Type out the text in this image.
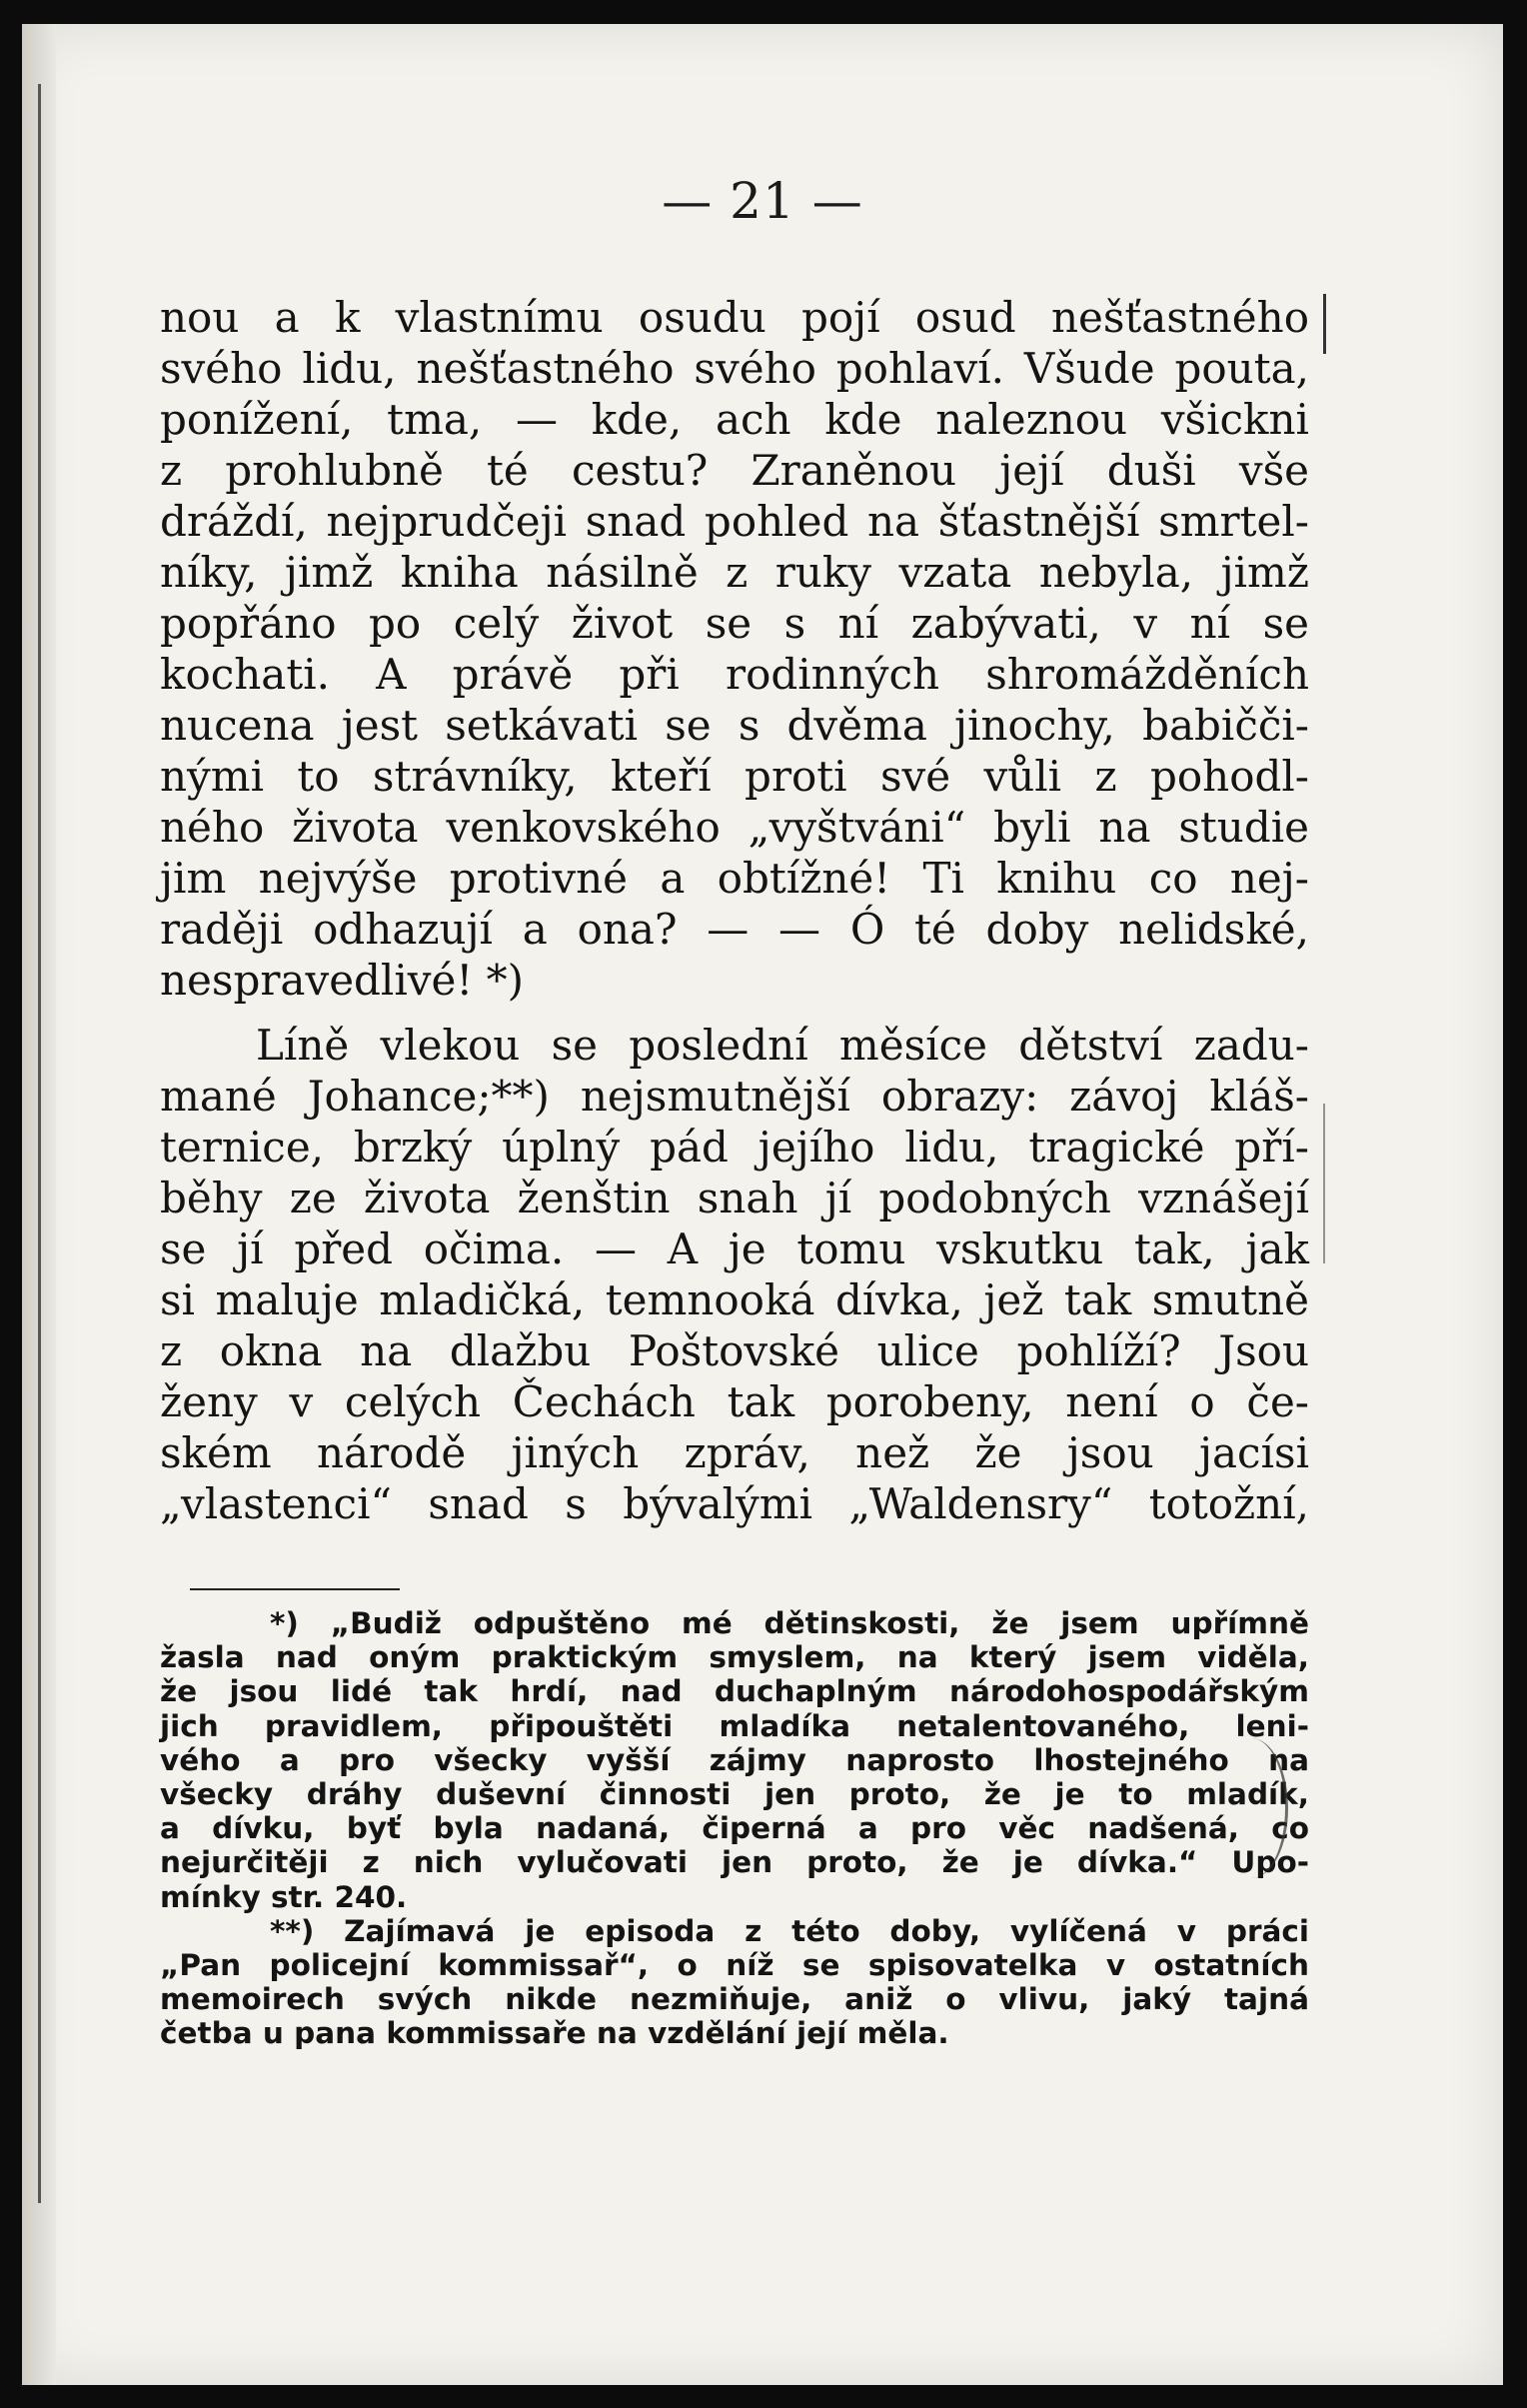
— 21 —

nou a k vlastnímu osudu pojí osud nešťastného
svého lidu, nešťastného svého pohlaví. Všude pouta,
ponížení, tma, — kde, ach kde naleznou všickni
z prohlubně té cestu? Zraněnou její duši vše
dráždí, nejprudčeji snad pohled na šťastnější smrtel-
níky, jimž kniha násilně z ruky vzata nebyla, jimž
popřáno po celý život se s ní zabývati, v ní se
kochati. A právě při rodinných shromážděních
nucena jest setkávati se s dvěma jinochy, babičči-
nými to strávníky, kteří proti své vůli z pohodl-
ného života venkovského „vyštváni“ byli na studie
jim nejvýše protivné a obtížné! Ti knihu co nej-
raději odhazují a ona? — — Ó té doby nelidské,
nespravedlivé! *)

Líně vlekou se poslední měsíce dětství zadu-
mané Johance;**) nejsmutnější obrazy: závoj kláš-
ternice, brzký úplný pád jejího lidu, tragické pří-
běhy ze života ženštin snah jí podobných vznášejí
se jí před očima. — A je tomu vskutku tak, jak
si maluje mladičká, temnooká dívka, jež tak smutně
z okna na dlažbu Poštovské ulice pohlíží? Jsou
ženy v celých Čechách tak porobeny, není o če-
ském národě jiných zpráv, než že jsou jacísi
„vlastenci“ snad s bývalými „Waldensry“ totožní,

*) „Budiž odpuštěno mé dětinskosti, že jsem upřímně
žasla nad oným praktickým smyslem, na který jsem viděla,
že jsou lidé tak hrdí, nad duchaplným národohospodářským
jich pravidlem, připouštěti mladíka netalentovaného, leni-
vého a pro všecky vyšší zájmy naprosto lhostejného na
všecky dráhy duševní činnosti jen proto, že je to mladík,
a dívku, byť byla nadaná, čiperná a pro věc nadšená, co
nejurčitěji z nich vylučovati jen proto, že je dívka.“ Upo-
mínky str. 240.
**) Zajímavá je episoda z této doby, vylíčená v práci
„Pan policejní kommissař“, o níž se spisovatelka v ostatních
memoirech svých nikde nezmiňuje, aniž o vlivu, jaký tajná
četba u pana kommissaře na vzdělání její měla.
